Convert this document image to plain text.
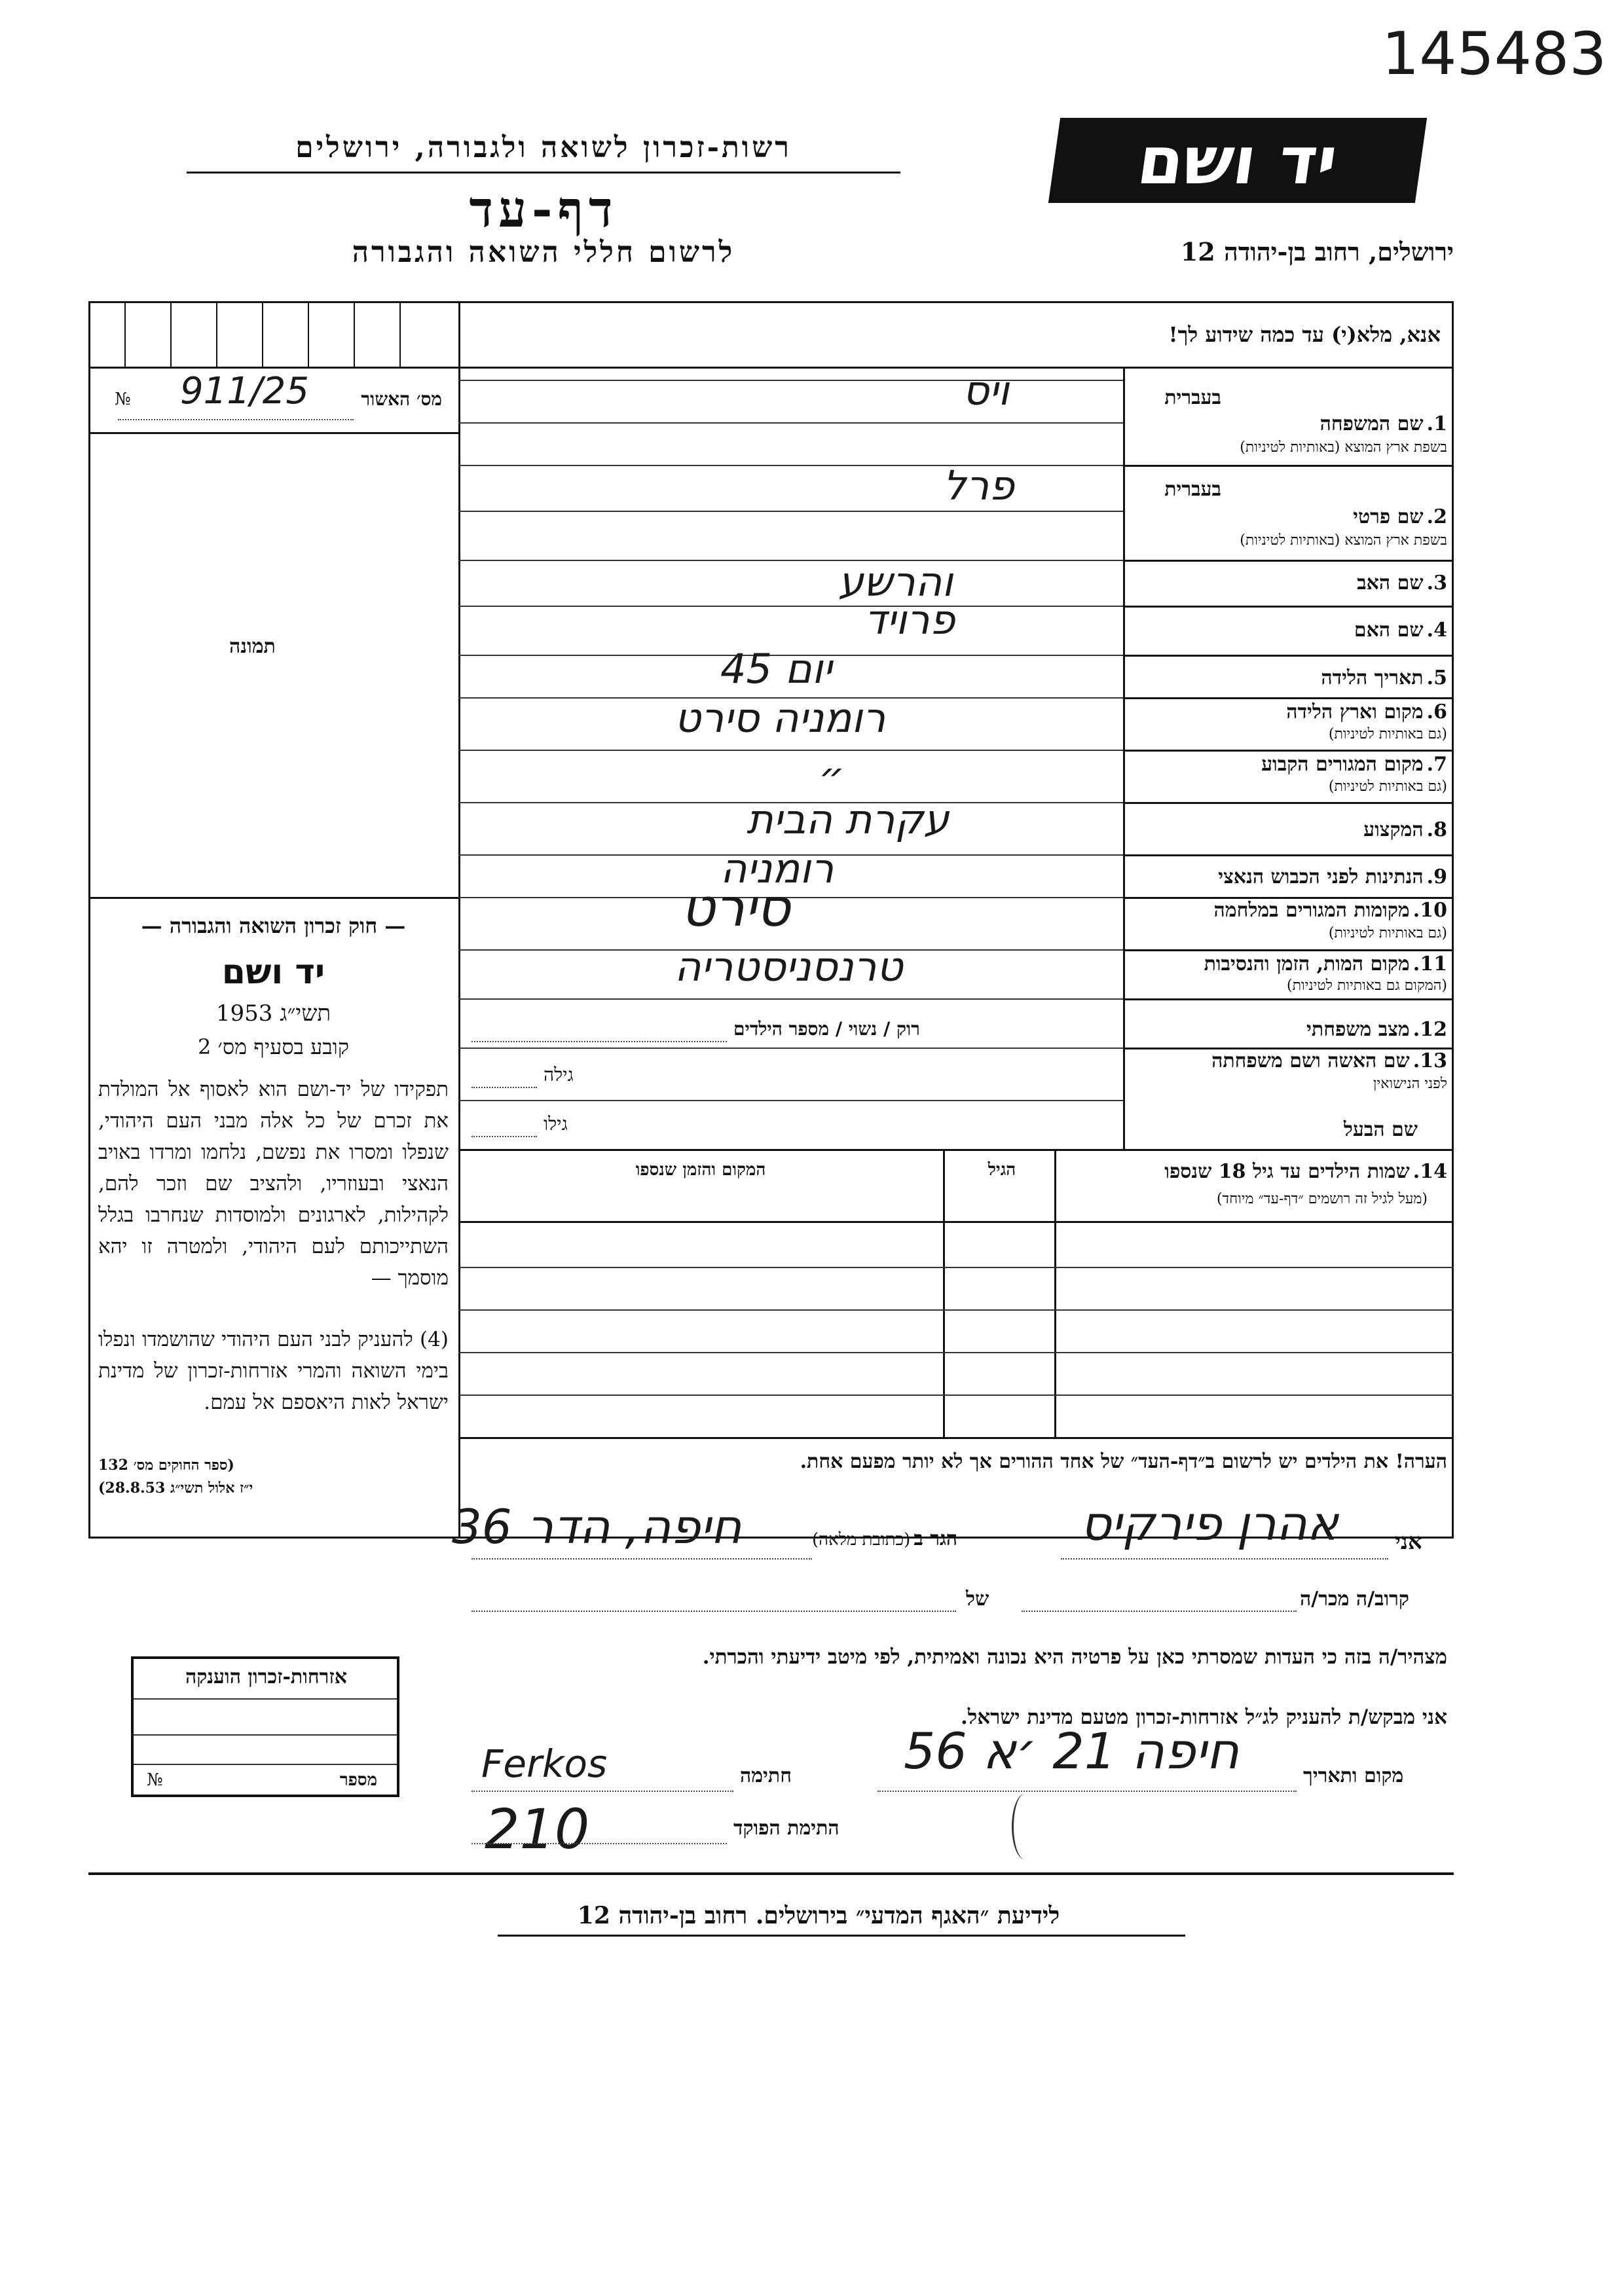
145483
יד ושם
רשות-זכרון לשואה ולגבורה, ירושלים
דף-עד
לרשום חללי השואה והגבורה	ירושלים, רחוב בן-יהודה 12
אנא, מלא(י) עד כמה שידוע לך!
№ 911/25	מס׳ האשור
תמונה
— חוק זכרון השואה והגבורה —
יד ושם
תשי״ג 1953
קובע בסעיף מס׳ 2
תפקידו של יד-ושם הוא לאסוף אל המולדת את זכרם של כל אלה מבני העם היהודי, שנפלו ומסרו את נפשם, נלחמו ומרדו באויב הנאצי ובעוזריו, ולהציב שם וזכר להם, לקהילות, לארגונים ולמוסדות שנחרבו בגלל השתייכותם לעם היהודי, ולמטרה זו יהא מוסמך —
(4) להעניק לבני העם היהודי שהושמדו ונפלו בימי השואה והמרי אזרחות-זכרון של מדינת ישראל לאות היאספם אל עמם.
(ספר החוקים מס׳ 132
י״ז אלול תשי״ג 28.8.53)
בעברית
1. שם המשפחה
בשפת ארץ המוצא (באותיות לטיניות)
ויס
בעברית
2. שם פרטי
בשפת ארץ המוצא (באותיות לטיניות)
פרל
3. שם האב
והרשע
4. שם האם
פרויד
5. תאריך הלידה
יום 45
6. מקום וארץ הלידה
(גם באותיות לטיניות)
רומניה סירט
7. מקום המגורים הקבוע
(גם באותיות לטיניות)
״
8. המקצוע
עקרת הבית
9. הנתינות לפני הכבוש הנאצי
רומניה
10. מקומות המגורים במלחמה
(גם באותיות לטיניות)
סירט
11. מקום המות, הזמן והנסיבות
(המקום גם באותיות לטיניות)
טרנסניסטריה
12. מצב משפחתי
רוק / נשוי / מספר הילדים
13. שם האשה ושם משפחתה
לפני הנישואין
גילה
שם הבעל
גילו
14. שמות הילדים עד גיל 18 שנספו
(מעל לגיל זה רושמים ״דף-עד״ מיוחד)
הגיל
המקום והזמן שנספו
הערה! את הילדים יש לרשום ב״דף-העד״ של אחד ההורים אך לא יותר מפעם אחת.
אני
אהרן פירקיס
הגר ב (כתובת מלאה)
חיפה, הדר 36
קרוב/ה מכר/ה
של
מצהיר/ה בזה כי העדות שמסרתי כאן על פרטיה היא נכונה ואמיתית, לפי מיטב ידיעתי והכרתי.
אני מבקש/ת להעניק לג״ל אזרחות-זכרון מטעם מדינת ישראל.
מקום ותאריך
חיפה 21 ׳א 56
חתימה
Ferkos
התימת הפוקד
210
אזרחות-זכרון הוענקה
№	מספר
לידיעת ״האגף המדעי״ בירושלים. רחוב בן-יהודה 12
